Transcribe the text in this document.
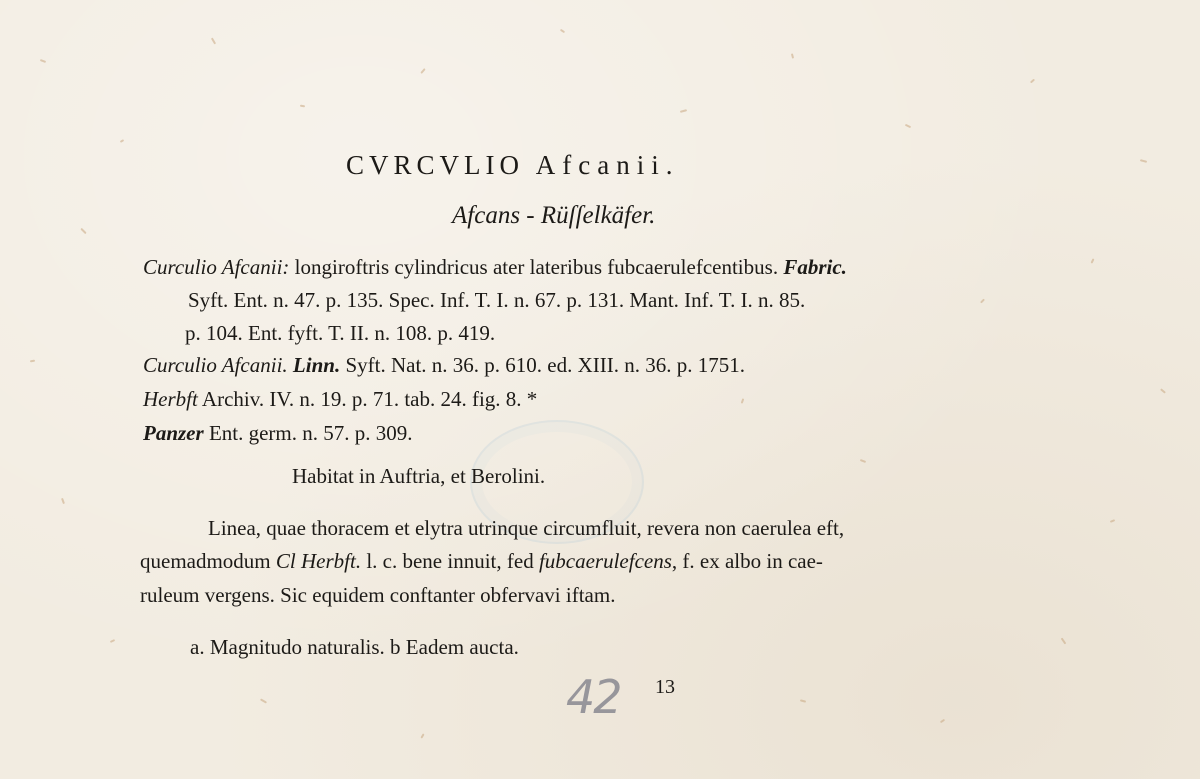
CVRCVLIO Afcanii.
Afcans - Rüſſelkäfer.
Curculio Afcanii: longiroftris cylindricus ater lateribus fubcaerulefcentibus. Fabric.
Syft. Ent. n. 47. p. 135. Spec. Inf. T. I. n. 67. p. 131. Mant. Inf. T. I. n. 85.
p. 104. Ent. fyft. T. II. n. 108. p. 419.
Curculio Afcanii. Linn. Syft. Nat. n. 36. p. 610. ed. XIII. n. 36. p. 1751.
Herbft Archiv. IV. n. 19. p. 71. tab. 24. fig. 8. *
Panzer Ent. germ. n. 57. p. 309.
Habitat in Auftria, et Berolini.
Linea, quae thoracem et elytra utrinque circumfluit, revera non caerulea eft,
quemadmodum Cl Herbft. l. c. bene innuit, fed fubcaerulefcens, f. ex albo in cae-
ruleum vergens. Sic equidem conftanter obfervavi iftam.
a. Magnitudo naturalis. b Eadem aucta.
42 13
